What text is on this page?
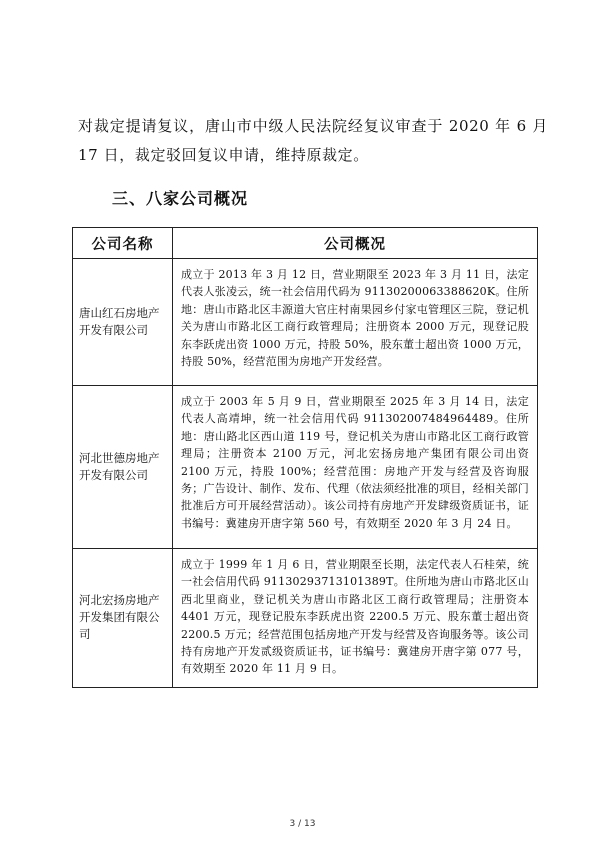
对裁定提请复议，唐山市中级人民法院经复议审查于 2020 年 6 月 17 日，裁定驳回复议申请，维持原裁定。
三、八家公司概况
公司名称	公司概况
唐山红石房地产开发有限公司	成立于 2013 年 3 月 12 日，营业期限至 2023 年 3 月 11 日，法定代表人张凌云，统一社会信用代码为 91130200063388620K。住所地：唐山市路北区丰源道大官庄村南果园乡付家屯管理区三院，登记机关为唐山市路北区工商行政管理局；注册资本 2000 万元，现登记股东李跃虎出资 1000 万元，持股 50%，股东董士超出资 1000 万元，持股 50%，经营范围为房地产开发经营。
河北世德房地产开发有限公司	成立于 2003 年 5 月 9 日，营业期限至 2025 年 3 月 14 日，法定代表人高靖坤，统一社会信用代码 911302007484964489。住所地：唐山路北区西山道 119 号，登记机关为唐山市路北区工商行政管理局；注册资本 2100 万元，河北宏扬房地产集团有限公司出资 2100 万元，持股 100%；经营范围：房地产开发与经营及咨询服务；广告设计、制作、发布、代理（依法须经批准的项目，经相关部门批准后方可开展经营活动）。该公司持有房地产开发肆级资质证书，证书编号：冀建房开唐字第 560 号，有效期至 2020 年 3 月 24 日。
河北宏扬房地产开发集团有限公司	成立于 1999 年 1 月 6 日，营业期限至长期，法定代表人石桂荣，统一社会信用代码 91130293713101389T。住所地为唐山市路北区山西北里商业，登记机关为唐山市路北区工商行政管理局；注册资本 4401 万元，现登记股东李跃虎出资 2200.5 万元、股东董士超出资 2200.5 万元；经营范围包括房地产开发与经营及咨询服务等。该公司持有房地产开发贰级资质证书，证书编号：冀建房开唐字第 077 号，有效期至 2020 年 11 月 9 日。
3 / 13
